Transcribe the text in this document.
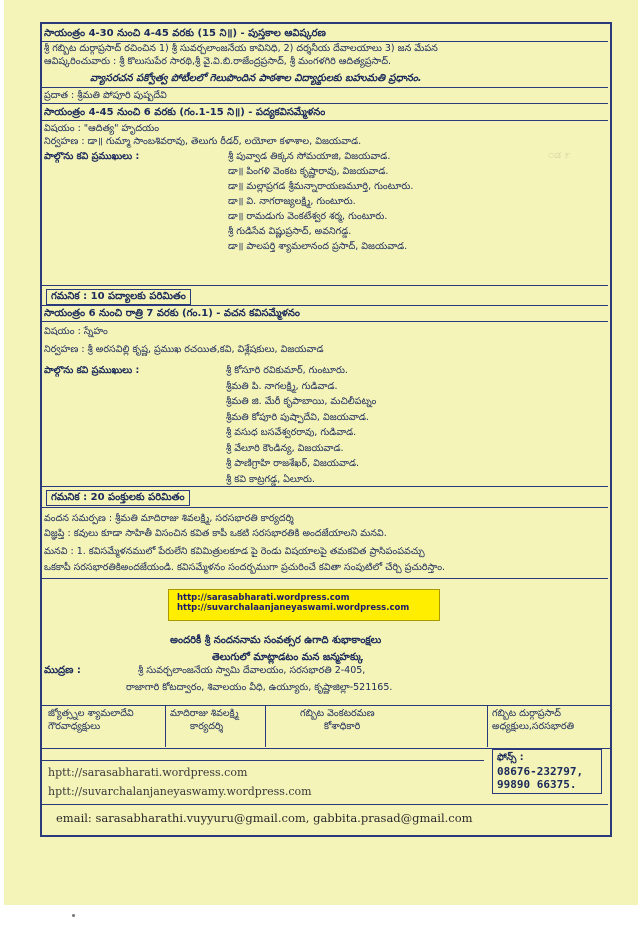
೦ಡ ೯
సాయంత్రం 4-30 నుంచి 4-45 వరకు (15 ని॥) - పుస్తకాల ఆవిష్కరణ
శ్రీ గబ్బిట దుర్గాప్రసాద్ రచించిన 1) శ్రీ సువర్చలాంజనేయ కావినిధి, 2) దర్శనీయ దేవాలయాలు 3) జన మేపన
ఆవిష్కరించువారు : శ్రీ కొలుసుపేర సారథి,శ్రీ వై.వి.బి.రాజేంద్రప్రసాద్, శ్రీ మంగళగిరి ఆదిత్యప్రసాద్.
వ్యాసరచన పక్వోత్వ పోటీలలో గెలుపొందిన పాఠశాల విద్యార్థులకు బహుమతి ప్రధానం.
ప్రదాత : శ్రీమతి పోపూరి పుష్పదేవి
సాయంత్రం 4-45 నుంచి 6 వరకు (గం.1-15 ని॥) - పద్యకవిసమ్మేళనం
విషయం : "ఆదిత్య" హృదయం
నిర్వహణ : డా॥ గుమ్మా సాంబశివరావు, తెలుగు రీడర్, లయోలా కళాశాల, విజయవాడ.
పాల్గొను కవి ప్రముఖులు :	శ్రీ పువ్వాడ తిక్కన సోమయాజి, విజయవాడ.
డా॥ పింగళి వెంకట కృష్ణారావు, విజయవాడ.
డా॥ మల్లాప్రగడ శ్రీమన్నారాయణమూర్తి, గుంటూరు.
డా॥ వి. నాగరాజ్యలక్ష్మి, గుంటూరు.
డా॥ రామడుగు వెంకటేశ్వర శర్మ, గుంటూరు.
శ్రీ గుడిసేవ విష్ణుప్రసాద్, అవనిగడ్డ.
డా॥ పాలపర్తి శ్యామలానంద ప్రసాద్, విజయవాడ.
గమనిక : 10 పద్యాలకు పరిమితం
సాయంత్రం 6 నుంచి రాత్రి 7 వరకు (గం.1) - వచన కవిసమ్మేళనం
విషయం : స్నేహం
నిర్వహణ : శ్రీ అరసవిల్లి కృష్ణ, ప్రముఖ రచయిత,కవి, విశ్లేషకులు, విజయవాడ
పాల్గొను కవి ప్రముఖులు :	శ్రీ కోసూరి రవికుమార్, గుంటూరు.
శ్రీమతి పి. నాగలక్ష్మి, గుడివాడ.
శ్రీమతి జి. మేరీ కృపాబాయి, మచిలీపట్నం
శ్రీమతి కోపూరి పుష్పాదేవి, విజయవాడ.
శ్రీ వసుధ బసవేశ్వరరావు, గుడివాడ.
శ్రీ వేలూరి కౌండిన్య, విజయవాడ.
శ్రీ పాణిగ్రాహి రాజశేఖర్, విజయవాడ.
శ్రీ కవి కాట్రగడ్డ, ఏలూరు.
గమనిక : 20 పంక్తులకు పరిమితం
వందన సమర్పణ : శ్రీమతి మాదిరాజు శివలక్ష్మి, సరసభారతి కార్యదర్శి
విజ్ఞప్తి : కవులు కూడా సాహితీ విసంచిన కవిత కాపీ ఒకటి సరసభారతికి అందజేయాలని మనవి.
మనవి : 1. కవిసమ్మేళనములో పేరులేని కవిమిత్రులకూడ పై రెండు విషయాలపై తమకవిత ప్రాసిపంపవచ్చు
ఒకకాపీ సరసభారతికిఅందజేయండి. కవిసమ్మేళనం సందర్భముగా ప్రచురించే కవితా సంపుటిలో చేర్చి ప్రచురిస్తాం.
http://sarasabharati.wordpress.com
http://suvarchalaanjaneyaswami.wordpress.com
అందరికీ శ్రీ నందననామ సంవత్సర ఉగాది శుభాకాంక్షలు
తెలుగులో మాట్లాడటం మన జన్మహక్కు
ముద్రణ :	శ్రీ సువర్చలాంజనేయ స్వామి దేవాలయం, సరసభారతి 2-405,
రాజాగారి కోటద్వారం, శివాలయం వీధి, ఉయ్యూరు, కృష్ణాజిల్లా-521165.
జ్యోత్స్నల శ్యామలాదేవి
గౌరవాధ్యక్షులు
మాదిరాజు శివలక్ష్మి
కార్యదర్శి
గబ్బిట వెంకటరమణ
కోశాధికారి
గబ్బిట దుర్గాప్రసాద్
అధ్యక్షులు,సరసభారతి
hptt://sarasabharati.wordpress.com
hptt://suvarchalanjaneyaswamy.wordpress.com
ఫోన్స్ :
08676-232797,
99890 66375.
email: sarasabharathi.vuyyuru@gmail.com, gabbita.prasad@gmail.com
